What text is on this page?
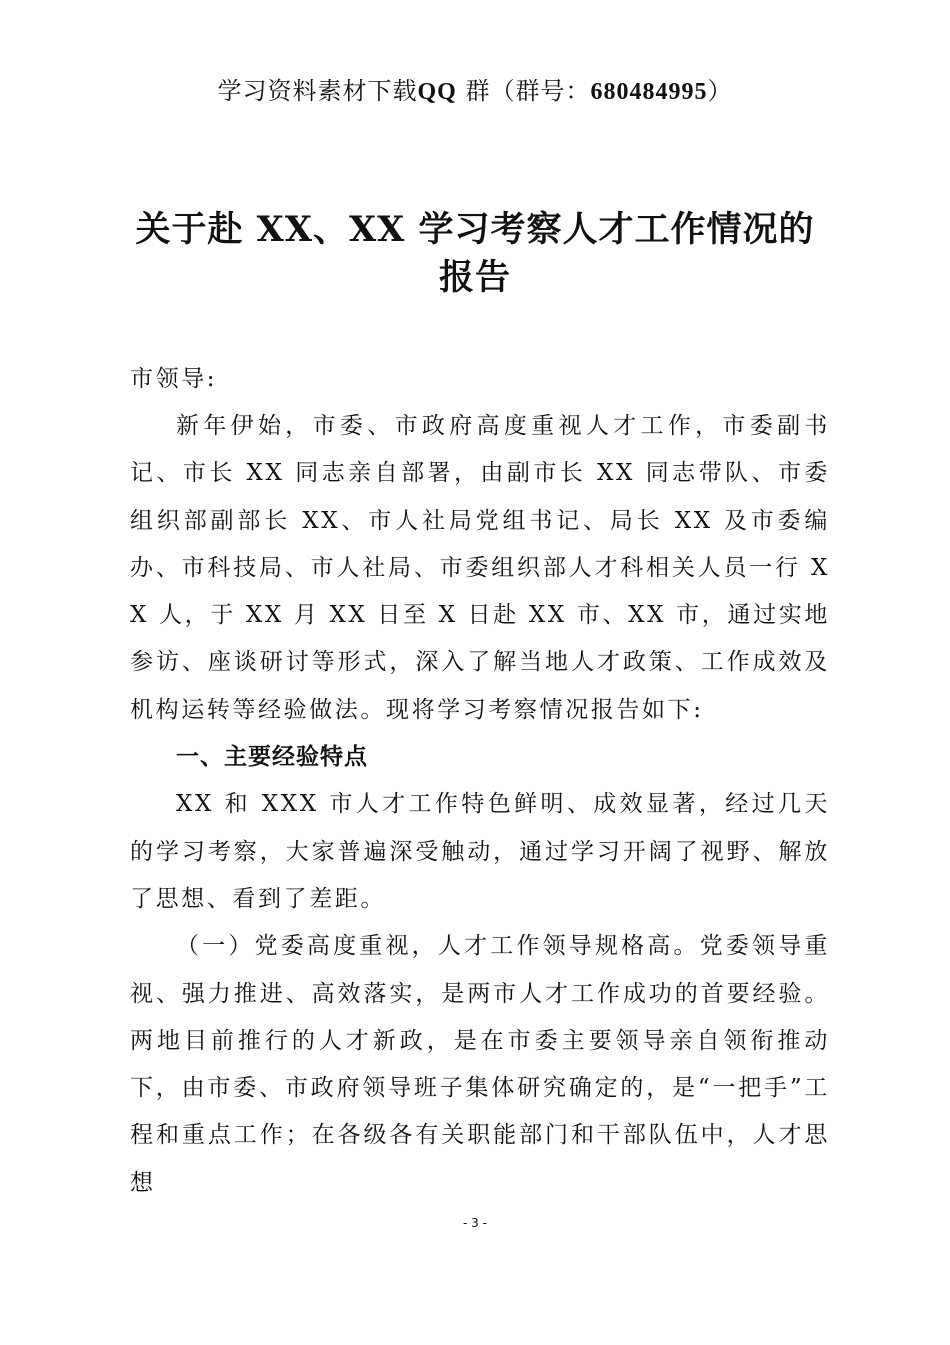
学习资料素材下载QQ 群（群号：680484995）
关于赴 XX、XX 学习考察人才工作情况的
报告
市领导:

新年伊始，市委、市政府高度重视人才工作，市委副书记、市长 XX 同志亲自部署，由副市长 XX 同志带队、市委组织部副部长 XX、市人社局党组书记、局长 XX 及市委编办、市科技局、市人社局、市委组织部人才科相关人员一行 XX 人，于 XX 月 XX 日至 X 日赴 XX 市、XX 市，通过实地参访、座谈研讨等形式，深入了解当地人才政策、工作成效及机构运转等经验做法。现将学习考察情况报告如下:

一、主要经验特点

XX 和 XXX 市人才工作特色鲜明、成效显著，经过几天的学习考察，大家普遍深受触动，通过学习开阔了视野、解放了思想、看到了差距。

（一）党委高度重视，人才工作领导规格高。党委领导重视、强力推进、高效落实，是两市人才工作成功的首要经验。两地目前推行的人才新政，是在市委主要领导亲自领衔推动下，由市委、市政府领导班子集体研究确定的，是“一把手”工程和重点工作；在各级各有关职能部门和干部队伍中，人才思想

- 3 -
